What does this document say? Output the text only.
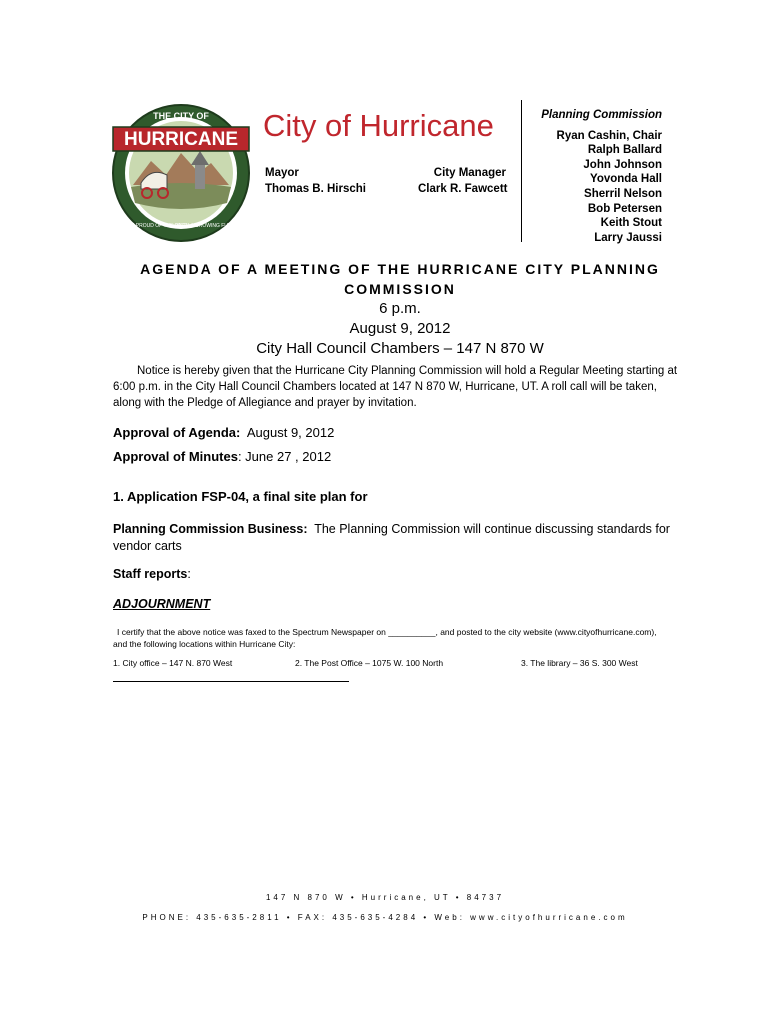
HURRICANE
THE CITY OF
WE'RE PROUD OF THE PAST
WITH A GROWING FUTURE
City of Hurricane
Mayor
Thomas B. Hirschi
City Manager
Clark R. Fawcett
Planning Commission
Ryan Cashin, Chair
Ralph Ballard
John Johnson
Yovonda Hall
Sherril Nelson
Bob Petersen
Keith Stout
Larry Jaussi
AGENDA OF A MEETING OF THE HURRICANE CITY PLANNING
COMMISSION
6 p.m.
August 9, 2012
City Hall Council Chambers – 147 N 870 W
Notice is hereby given that the Hurricane City Planning Commission will hold a Regular Meeting starting at 6:00 p.m. in the City Hall Council Chambers located at 147 N 870 W, Hurricane, UT. A roll call will be taken, along with the Pledge of Allegiance and prayer by invitation.
Approval of Agenda:  August 9, 2012
Approval of Minutes: June 27 , 2012
1. Application FSP-04, a final site plan for
Planning Commission Business:  The Planning Commission will continue discussing standards for vendor carts
Staff reports:
ADJOURNMENT
I certify that the above notice was faxed to the Spectrum Newspaper on __________, and posted to the city website (www.cityofhurricane.com), and the following locations within Hurricane City:
1. City office – 147 N. 870 West	2. The Post Office – 1075 W. 100 North	3. The library – 36 S. 300 West
147 N 870 W • Hurricane, UT • 84737
PHONE: 435-635-2811 • FAX: 435-635-4284 • Web: www.cityofhurricane.com
